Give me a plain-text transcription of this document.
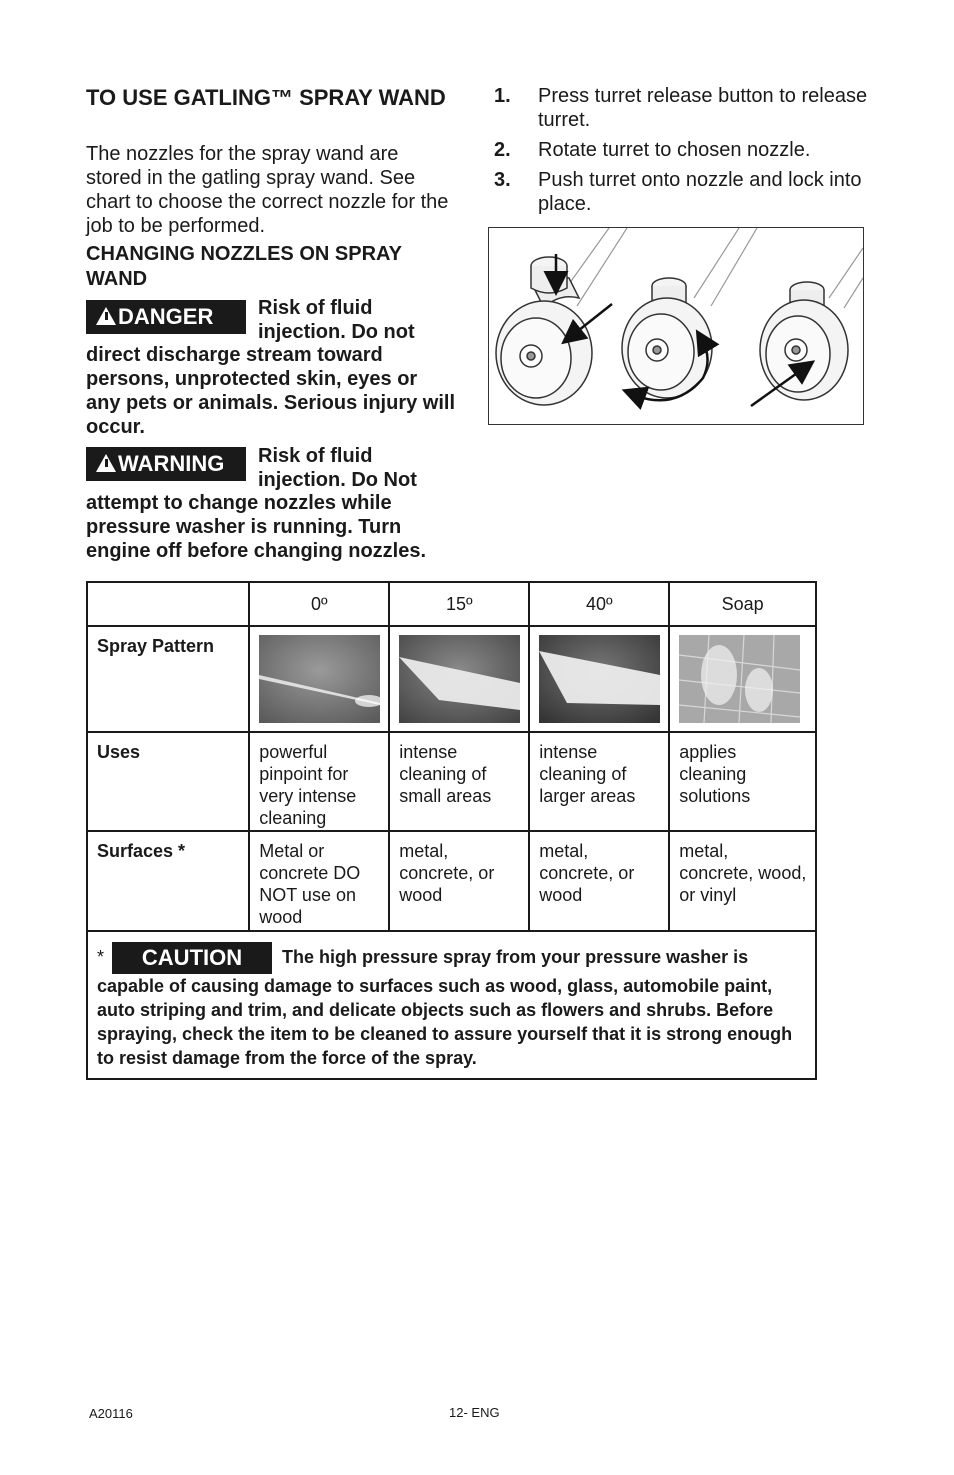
TO USE GATLING™ SPRAY WAND
The nozzles for the spray wand are stored in the gatling spray wand. See chart to choose the correct nozzle for the job to be performed.
CHANGING NOZZLES ON SPRAY WAND
DANGER	Risk of fluid
injection. Do not
direct discharge stream toward persons, unprotected skin, eyes or any pets or animals. Serious injury will occur.
WARNING	Risk of fluid
injection. Do Not
attempt to change nozzles while pressure washer is running. Turn engine off before changing nozzles.
1. Press turret release button to release turret.
2. Rotate turret to chosen nozzle.
3. Push turret onto nozzle and lock into place.
	0º	15º	40º	Soap
Spray Pattern	

Uses	powerful pinpoint for very intense cleaning	intense cleaning of small areas	intense cleaning of larger areas	applies cleaning solutions
Surfaces *	Metal or concrete DO NOT use on wood	metal, concrete, or wood	metal, concrete, or wood	metal, concrete, wood, or vinyl
* CAUTION The high pressure spray from your pressure washer is capable of causing damage to surfaces such as wood, glass, automobile paint, auto striping and trim, and delicate objects such as flowers and shrubs. Before spraying, check the item to be cleaned to assure yourself that it is strong enough to resist damage from the force of the spray.				
A20116	12- ENG
